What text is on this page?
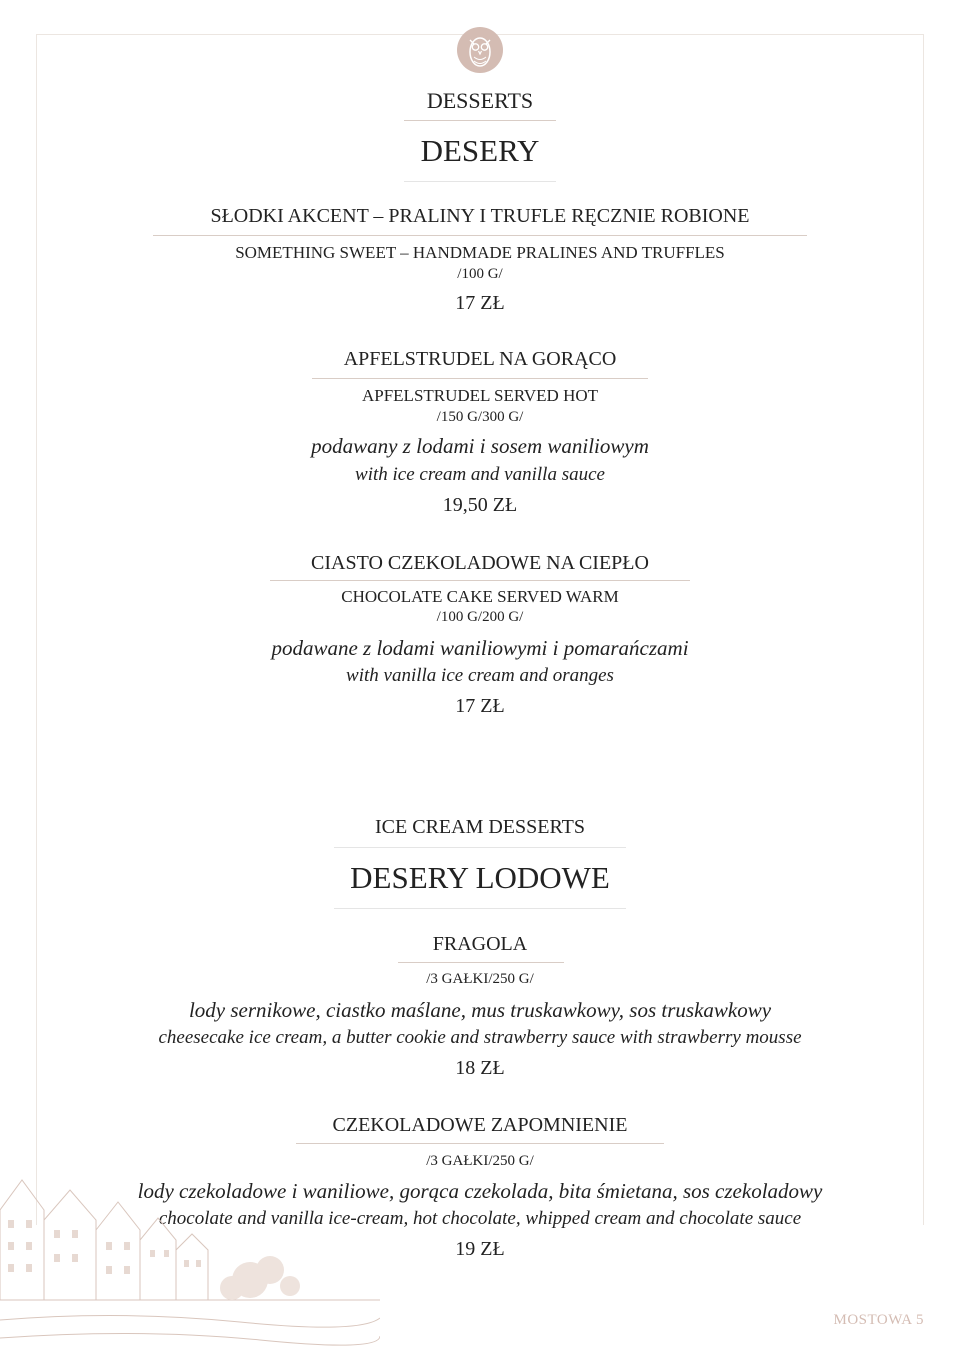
DESSERTS
DESERY
SŁODKI AKCENT – PRALINY I TRUFLE RĘCZNIE ROBIONE
SOMETHING SWEET – HANDMADE PRALINES AND TRUFFLES
/100 G/
17 ZŁ
APFELSTRUDEL NA GORĄCO
APFELSTRUDEL SERVED HOT
/150 G/300 G/
podawany z lodami i sosem waniliowym
with ice cream and vanilla sauce
19,50 ZŁ
CIASTO CZEKOLADOWE NA CIEPŁO
CHOCOLATE CAKE SERVED WARM
/100 G/200 G/
podawane z lodami waniliowymi i pomarańczami
with vanilla ice cream and oranges
17 ZŁ
ICE CREAM DESSERTS
DESERY LODOWE
FRAGOLA
/3 GAŁKI/250 G/
lody sernikowe, ciastko maślane, mus truskawkowy, sos truskawkowy
cheesecake ice cream, a butter cookie and strawberry sauce with strawberry mousse
18 ZŁ
CZEKOLADOWE ZAPOMNIENIE
/3 GAŁKI/250 G/
lody czekoladowe i waniliowe, gorąca czekolada, bita śmietana, sos czekoladowy
chocolate and vanilla ice-cream, hot chocolate, whipped cream and chocolate sauce
19 ZŁ
MOSTOWA 5
